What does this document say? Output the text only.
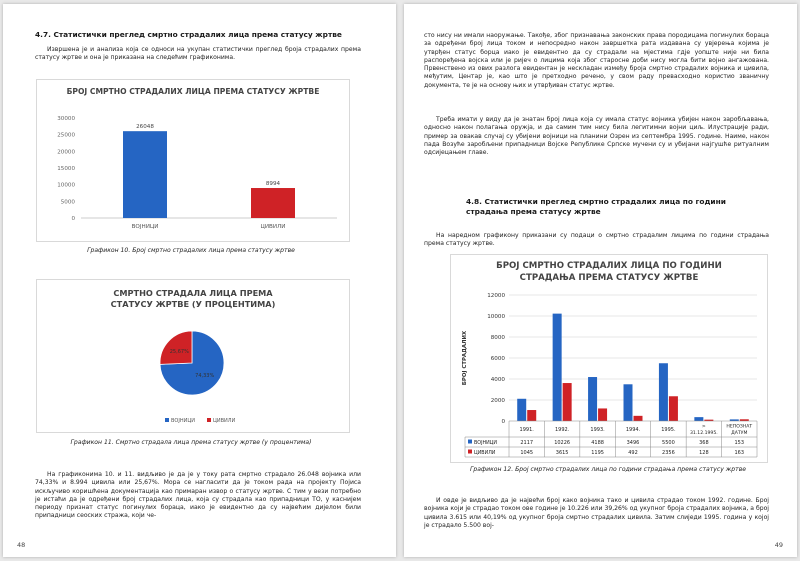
4.7. Статистички преглед смртно страдалих лица према статусу жртве

Извршена је и анализа која се односи на укупан статистички преглед броја страдалих према статусу жртве и она је приказана на следећим графиконима.

БРОЈ СМРТНО СТРАДАЛИХ ЛИЦА ПРЕМА СТАТУСУ ЖРТВЕ

0
5000
10000
15000
20000
25000
30000
26048
ВОЈНИЦИ
8994
ЦИВИЛИ

Графикон 10. Број смртно страдалих лица према статусу жртве

СМРТНО СТРАДАЛА ЛИЦА ПРЕМА СТАТУСУ ЖРТВЕ (У ПРОЦЕНТИМА)

74,33%
25,67%
ВОЈНИЦИ	ЦИВИЛИ

Графикон 11. Смртно страдала лица према статусу жртве (у процентима)

На графиконима 10. и 11. видљиво је да је у току рата смртно страдало 26.048 војника или 74,33% и 8.994 цивила или 25,67%. Мора се нагласити да је током рада на пројекту Појиса искључиво коришћена документација као примаран извор о статусу жртве. С тим у вези потребно је истаћи да је одређени број страдалих лица, која су страдала као припадници ТО, у каснијем периоду признат статус погинулих бораца, иако је евидентно да су највећим дијелом били припадници сеоских стража, који че-

48

сто нису ни имали наоружање. Такође, због признавања законских права породицама погинулих бораца за одређени број лица током и непосредно након завршетка рата издавана су увјерења којима је утврђен статус борца иако је евидентно да су страдали на мјестима гдје уопште није ни била распоређена војска или је ријеч о лицима која због старосне доби нису могла бити војно ангажована. Првенствено из ових разлога евидентан је нескладан између броја смртно страдалих војника и цивила, међутим, Центар је, као што је претходно речено, у свом раду превасходно користио званичну документа, те је на основу њих и утврђиван статус жртве.

Треба имати у виду да је знатан број лица која су имала статус војника убијен након заробљавања, односно након полагања оружја, и да самим тим нису била легитимни војни циљ. Илустрације ради, пример за овакав случај су убијени војници на планини Озрен из септембра 1995. године. Наиме, након пада Возуће заробљени припадници Војске Републике Српске мучени су и убијани најгушће ритуалним одсијецањем главе.

4.8. Статистички преглед смртно страдалих лица по години страдања према статусу жртве

На наредном графикону приказани су подаци о смртно страдалим лицима по години страдања према статусу жртве.

БРОЈ СМРТНО СТРАДАЛИХ ЛИЦА ПО ГОДИНИ СТРАДАЊА ПРЕМА СТАТУСУ ЖРТВЕ

0
2000
4000
6000
8000
10000
12000
БРОЈ СТРАДАЛИХ
1991.	1992.	1993.	1994.	1995.	>
31.12.1995.
НЕПОЗНАТ
ДАТУМ
ВОЈНИЦИ	2117	10226	4188	3496	5500	368	153
ЦИВИЛИ	1045	3615	1195	492	2356	128	163

Графикон 12. Број смртно страдалих лица по години страдања према статусу жртве

И овде је видљиво да је највећи број како војника тако и цивила страдао током 1992. године. Број војника који је страдао током ове године је 10.226 или 39,26% од укупног броја страдалих војника, а број цивила 3.615 или 40,19% од укупног броја смртно страдалих цивила. Затим слиједи 1995. година у којој је страдало 5.500 вој-

49
